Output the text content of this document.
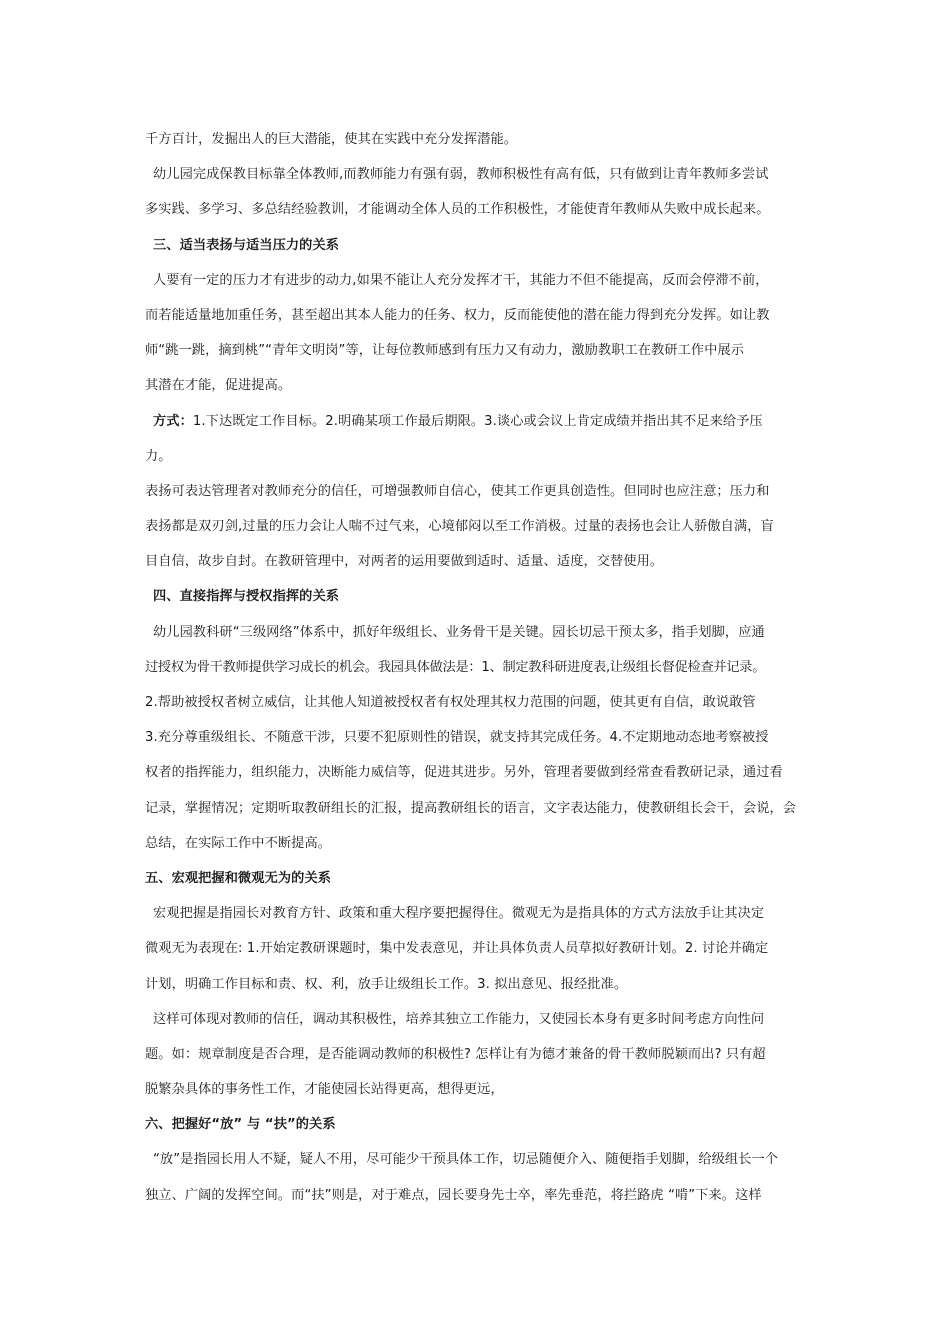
千方百计，发掘出人的巨大潜能，使其在实践中充分发挥潜能。
幼儿园完成保教目标靠全体教师,而教师能力有强有弱，教师积极性有高有低，只有做到让青年教师多尝试
多实践、多学习、多总结经验教训，才能调动全体人员的工作积极性，才能使青年教师从失败中成长起来。
三、适当表扬与适当压力的关系
人要有一定的压力才有进步的动力,如果不能让人充分发挥才干，其能力不但不能提高，反而会停滞不前，
而若能适量地加重任务，甚至超出其本人能力的任务、权力，反而能使他的潜在能力得到充分发挥。如让教
师“跳一跳，摘到桃”“青年文明岗”等，让每位教师感到有压力又有动力，激励教职工在教研工作中展示
其潜在才能，促进提高。
方式：1.下达既定工作目标。2.明确某项工作最后期限。3.谈心或会议上肯定成绩并指出其不足来给予压
力。
表扬可表达管理者对教师充分的信任，可增强教师自信心，使其工作更具创造性。但同时也应注意；压力和
表扬都是双刃剑,过量的压力会让人喘不过气来，心境郁闷以至工作消极。过量的表扬也会让人骄傲自满，盲
目自信，故步自封。在教研管理中，对两者的运用要做到适时、适量、适度，交替使用。
四、直接指挥与授权指挥的关系
幼儿园教科研“三级网络”体系中，抓好年级组长、业务骨干是关键。园长切忌干预太多，指手划脚，应通
过授权为骨干教师提供学习成长的机会。我园具体做法是：1、制定教科研进度表,让级组长督促检查并记录。
2.帮助被授权者树立威信，让其他人知道被授权者有权处理其权力范围的问题，使其更有自信，敢说敢管
3.充分尊重级组长、不随意干涉，只要不犯原则性的错误，就支持其完成任务。4.不定期地动态地考察被授
权者的指挥能力，组织能力，决断能力威信等，促进其进步。另外，管理者要做到经常查看教研记录，通过看
记录，掌握情况；定期听取教研组长的汇报，提高教研组长的语言，文字表达能力，使教研组长会干，会说，会
总结，在实际工作中不断提高。
五、宏观把握和微观无为的关系
宏观把握是指园长对教育方针、政策和重大程序要把握得住。微观无为是指具体的方式方法放手让其决定
微观无为表现在: 1.开始定教研课题时，集中发表意见，并让具体负责人员草拟好教研计划。2. 讨论并确定
计划，明确工作目标和责、权、利，放手让级组长工作。3. 拟出意见、报经批准。
这样可体现对教师的信任，调动其积极性，培养其独立工作能力，又使园长本身有更多时间考虑方向性问
题。如：规章制度是否合理，是否能调动教师的积极性? 怎样让有为德才兼备的骨干教师脱颖而出? 只有超
脱繁杂具体的事务性工作，才能使园长站得更高，想得更远，
六、把握好“放” 与 “扶”的关系
“放”是指园长用人不疑，疑人不用，尽可能少干预具体工作，切忌随便介入、随便指手划脚，给级组长一个
独立、广阔的发挥空间。而“扶”则是，对于难点，园长要身先士卒，率先垂范，将拦路虎 “啃”下来。这样
